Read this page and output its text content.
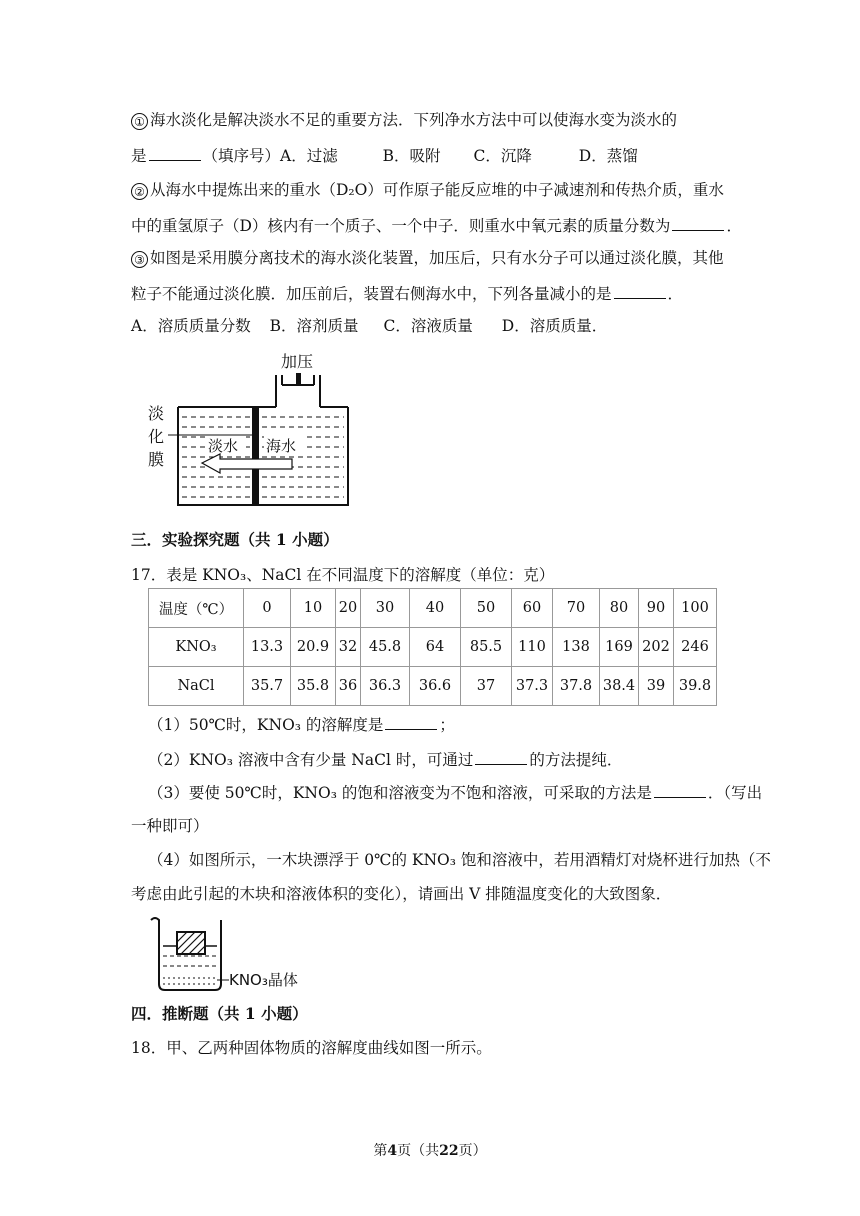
① 海水淡化是解决淡水不足的重要方法．下列净水方法中可以使海水变为淡水的
是	（填序号）A．过滤	B．吸附 C．沉降	D．蒸馏
② 从海水中提炼出来的重水（D₂O）可作原子能反应堆的中子减速剂和传热介质，重水
中的重氢原子（D）核内有一个质子、一个中子．则重水中氧元素的质量分数为	．
③ 如图是采用膜分离技术的海水淡化装置，加压后，只有水分子可以通过淡化膜，其他
粒子不能通过淡化膜．加压前后，装置右侧海水中，下列各量减小的是	．
A．溶质质量分数 B．溶剂质量 C．溶液质量 D．溶质质量．
加压
淡
化
膜
淡水 海水
三．实验探究题（共 1 小题）
17．表是 KNO₃、NaCl 在不同温度下的溶解度（单位：克）
温度（℃）	0	10	20	30	40	50	60	70	80	90	100
KNO₃	13.3	20.9	32	45.8	64	85.5	110	138	169	202	246
NaCl	35.7	35.8	36	36.3	36.6	37	37.3	37.8	38.4	39	39.8
（1）50℃时，KNO₃ 的溶解度是	；
（2）KNO₃ 溶液中含有少量 NaCl 时，可通过	的方法提纯．
（3）要使 50℃时，KNO₃ 的饱和溶液变为不饱和溶液，可采取的方法是	．（写出
一种即可）
（4）如图所示，一木块漂浮于 0℃的 KNO₃ 饱和溶液中，若用酒精灯对烧杯进行加热（不
考虑由此引起的木块和溶液体积的变化），请画出 V 排随温度变化的大致图象．
KNO₃晶体
四．推断题（共 1 小题）
18．甲、乙两种固体物质的溶解度曲线如图一所示。
第4页（共22页）
